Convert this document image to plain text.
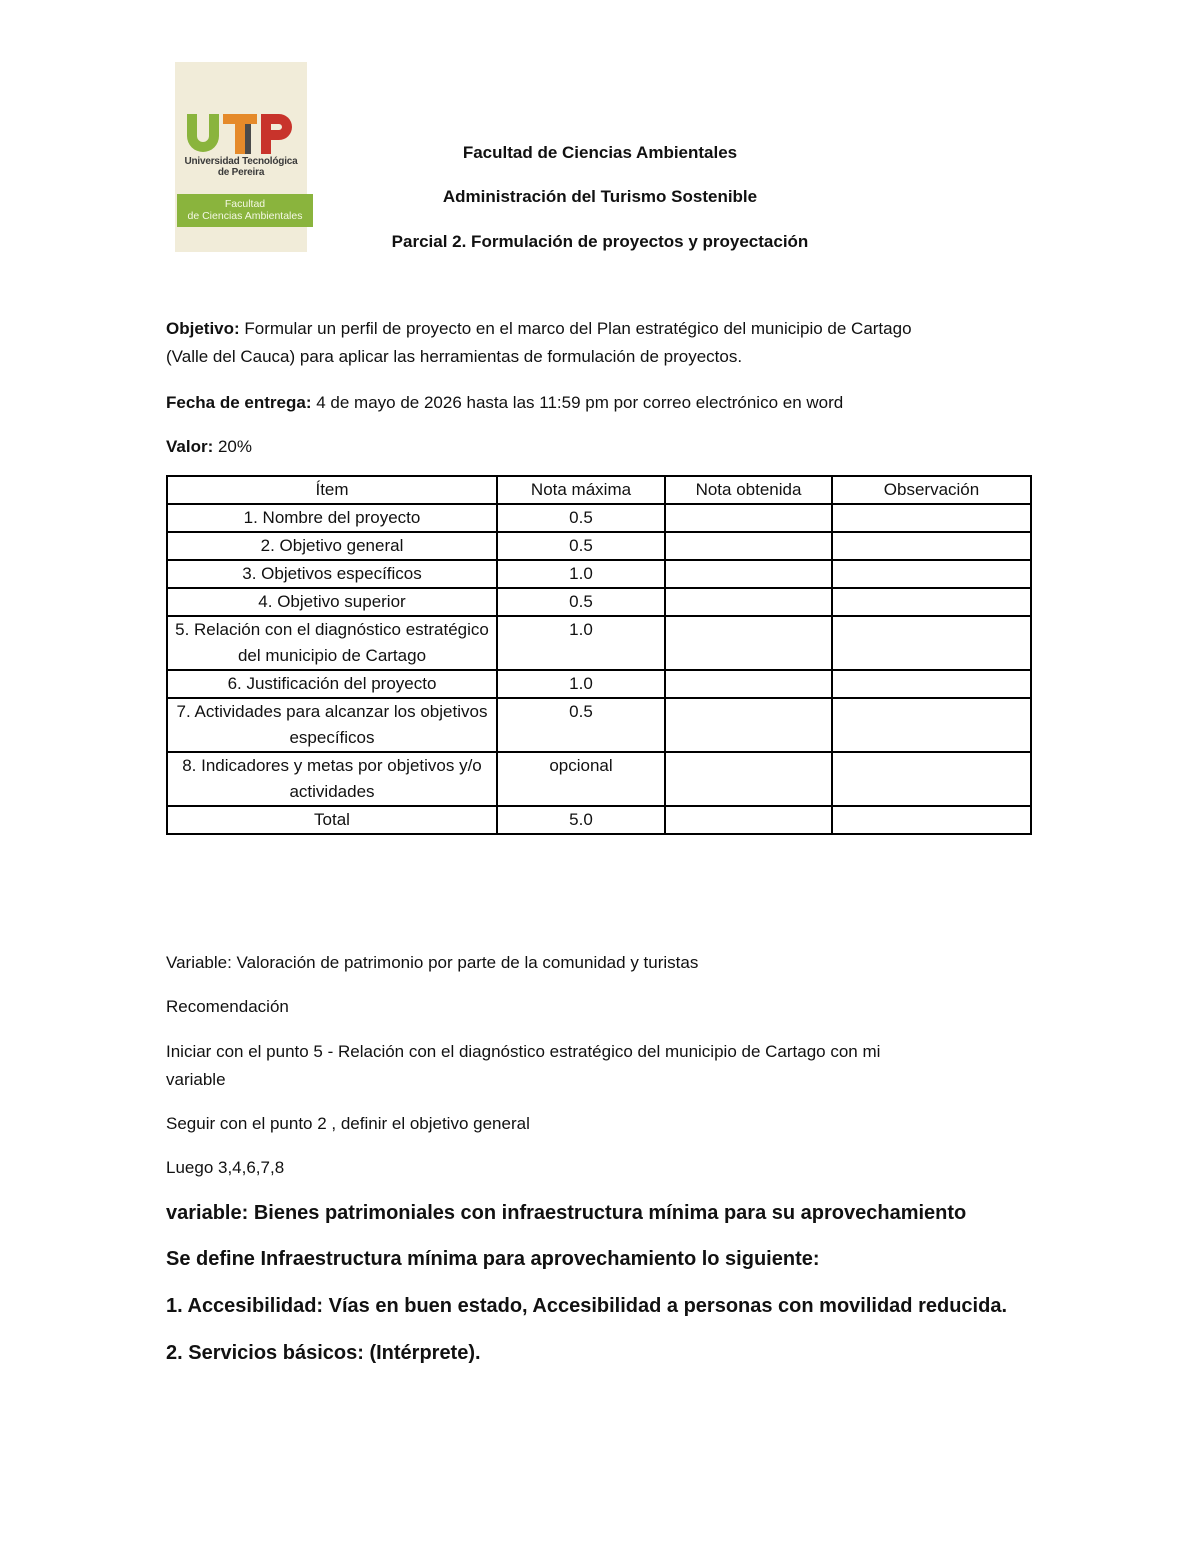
Universidad Tecnológica
de Pereira
Facultad
de Ciencias Ambientales
Facultad de Ciencias Ambientales
Administración del Turismo Sostenible
Parcial 2. Formulación de proyectos y proyectación
Objetivo: Formular un perfil de proyecto en el marco del Plan estratégico del municipio de Cartago
(Valle del Cauca) para aplicar las herramientas de formulación de proyectos.
Fecha de entrega: 4 de mayo de 2026 hasta las 11:59 pm por correo electrónico en word
Valor: 20%
Ítem	Nota máxima	Nota obtenida	Observación
1. Nombre del proyecto	0.5		
2. Objetivo general	0.5		
3. Objetivos específicos	1.0		
4. Objetivo superior	0.5		
5. Relación con el diagnóstico estratégico del municipio de Cartago	1.0		
6. Justificación del proyecto	1.0		
7. Actividades para alcanzar los objetivos específicos	0.5		
8. Indicadores y metas por objetivos y/o actividades	opcional		
Total	5.0		
Variable: Valoración de patrimonio por parte de la comunidad y turistas
Recomendación
Iniciar con el punto 5 - Relación con el diagnóstico estratégico del municipio de Cartago con mi
variable
Seguir con el punto 2 , definir el objetivo general
Luego 3,4,6,7,8
variable: Bienes patrimoniales con infraestructura mínima para su aprovechamiento
Se define Infraestructura mínima para aprovechamiento lo siguiente:
1. Accesibilidad: Vías en buen estado, Accesibilidad a personas con movilidad reducida.
2. Servicios básicos: (Intérprete).
